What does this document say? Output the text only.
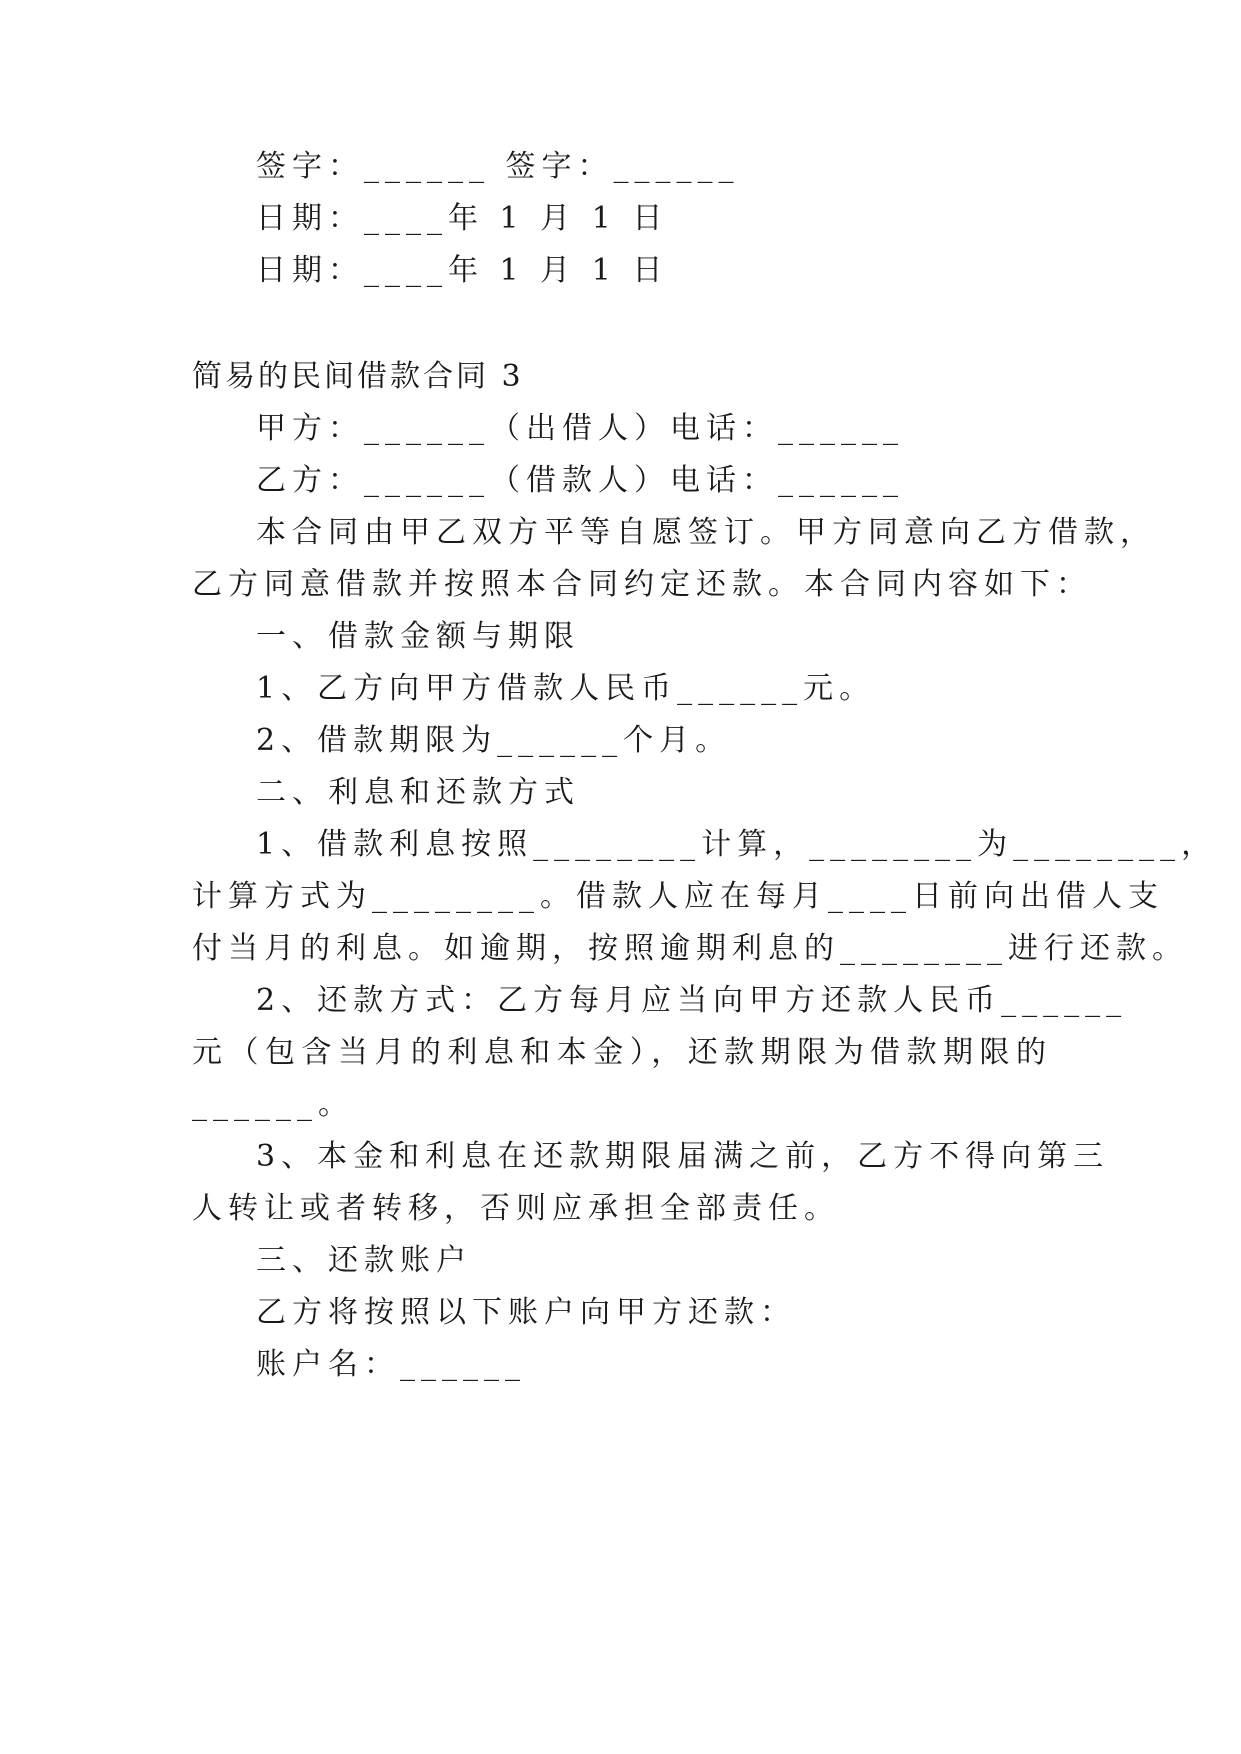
签字：______ 签字：______
日期：____年 1 月 1 日
日期：____年 1 月 1 日
简易的民间借款合同 3
甲方：______（出借人）电话：______
乙方：______（借款人）电话：______
本合同由甲乙双方平等自愿签订。甲方同意向乙方借款，
乙方同意借款并按照本合同约定还款。本合同内容如下：
一、借款金额与期限
1、乙方向甲方借款人民币______元。
2、借款期限为______个月。
二、利息和还款方式
1、借款利息按照________计算，________为________，
计算方式为________。借款人应在每月____日前向出借人支
付当月的利息。如逾期，按照逾期利息的________进行还款。
2、还款方式：乙方每月应当向甲方还款人民币______
元（包含当月的利息和本金），还款期限为借款期限的
______。
3、本金和利息在还款期限届满之前，乙方不得向第三
人转让或者转移，否则应承担全部责任。
三、还款账户
乙方将按照以下账户向甲方还款：
账户名：______
